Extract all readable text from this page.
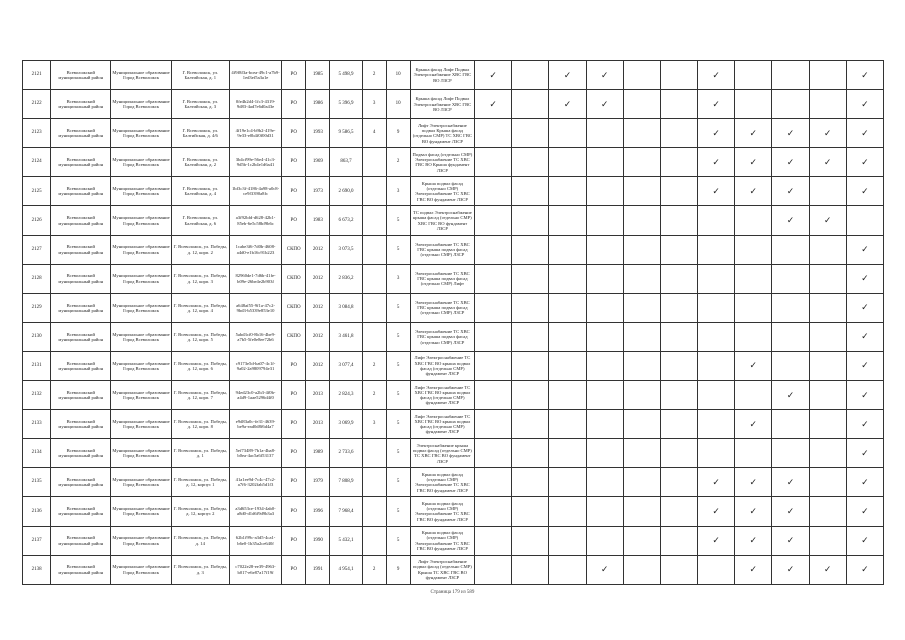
2121	Всеволожский муниципальный район	Муниципальное образование Город Всеволожск	Г. Всеволожск, ул. Балтийская, д. 1	4f9f8f3a-bcea-49c1-a7b9-1ed3ef5a3a1e	РО	1985	5 498,9	2	10	Крыша фасад Лифт Подвал Электроснабжение ХВС ГВС ВО ЛЗСР	✓		✓	✓			✓				✓
2122	Всеволожский муниципальный район	Муниципальное образование Город Всеволожск	Г. Всеволожск, ул. Балтийская, д. 3	0fe4b2d4-1fc3-4319-9d83-4ad7e6d0a43e	РО	1986	5 396,9	3	10	Крыша фасад Лифт Подвал Электроснабжение ХВС ГВС ВО ЛЗСР	✓		✓	✓			✓				✓
2123	Всеволожский муниципальный район	Муниципальное образование Город Всеволожск	Г. Всеволожск, ул. Балтийская, д. 4/6	4f19e1c4-b9b2-419e-9e33-e0b4f0f00d31	РО	1993	9 586,5	4	9	Лифт Электроснабжение подвал Крыша фасад (отдельно СМР) ТС ХВС ГВС ВО фундамент ЛЗСР							✓	✓	✓	✓	✓
2124	Всеволожский муниципальный район	Муниципальное образование Город Всеволожск	Г. Всеволожск, ул. Балтийская, д. 2	3b4cf99e-56e4-41c3-9d5b-1c2b4e1d6a41	РО	1969	863,7		2	Подвал фасад (отдельно СМР) Электроснабжение ТС ХВС ГВС ВО Крыша фундамент ЛЗСР							✓	✓	✓	✓	✓
2125	Всеволожский муниципальный район	Муниципальное образование Город Всеволожск	Г. Всеволожск, ул. Балтийская, д. 4	1bf3c3f-4186-4a98-a0c8-ce9f3390a8fc	РО	1973	2 690,0		3	Крыша подвал фасад (отдельно СМР) Электроснабжение ТС ХВС ГВС ВО фундамент ЛЗСР							✓	✓	✓		✓
2126	Всеволожский муниципальный район	Муниципальное образование Город Всеволожск	Г. Всеволожск, ул. Балтийская, д. 6	a3f92bfd-d628-42b1-85eb-6e5c58bf9b6c	РО	1983	6 673,2		5	ТС подвал Электроснабжение крыша фасад (отдельно СМР) ХВС ГВС ВО фундамент ЛЗСР									✓	✓	
2127	Всеволожский муниципальный район	Муниципальное образование Город Всеволожск	Г. Всеволожск, ул. Победы, д. 12, корп. 2	1cabe3f6-7d0b-4608-a4d0-e1b16c91b223	СКПО	2012	3 073,5		5	Электроснабжение ТС ХВС ГВС крыша подвал фасад (отдельно СМР) ЛЗСР											✓
2128	Всеволожский муниципальный район	Муниципальное образование Город Всеволожск	Г. Всеволожск, ул. Победы, д. 12, корп. 3	82960de1-7d6b-41fe-b09e-26be4e2b903f	СКПО	2012	2 836,2		3	Электроснабжение ТС ХВС ГВС крыша подвал фасад (отдельно СМР) Лифт											✓
2129	Всеволожский муниципальный район	Муниципальное образование Город Всеволожск	Г. Всеволожск, ул. Победы, д. 12, корп. 4	a648af55-9f1a-47c2-9bd3-b5339e853e10	СКПО	2012	3 084,8		5	Электроснабжение ТС ХВС ГВС крыша подвал фасад (отдельно СМР) ЛЗСР											✓
2130	Всеволожский муниципальный район	Муниципальное образование Город Всеволожск	Г. Всеволожск, ул. Победы, д. 12, корп. 5	5abd3cf0-8b16-4be9-a7b5-5fe0e8ee72b6	СКПО	2012	3 461,8		5	Электроснабжение ТС ХВС ГВС крыша подвал фасад (отдельно СМР) ЛЗСР											✓
2131	Всеволожский муниципальный район	Муниципальное образование Город Всеволожск	Г. Всеволожск, ул. Победы, д. 12, корп. 6	c9173e5d-ba07-4c1f-9a02-2a9809794e31	РО	2012	3 077,4	2	5	Лифт Электроснабжение ТС ХВС ГВС ВО крыша подвал фасад (отдельно СМР) фундамент ЛЗСР								✓			✓
2132	Всеволожский муниципальный район	Муниципальное образование Город Всеволожск	Г. Всеволожск, ул. Победы, д. 12, корп. 7	94ed23c0-a2b3-4f0b-a4d9-1aae5296d4f0	РО	2013	2 824,3	2	5	Лифт Электроснабжение ТС ХВС ГВС ВО крыша подвал фасад (отдельно СМР) фундамент ЛЗСР									✓		✓
2133	Всеволожский муниципальный район	Муниципальное образование Город Всеволожск	Г. Всеволожск, ул. Победы, д. 12, корп. 8	e9d83a0c-fe31-4639-be9a-ead0d8f6d4a7	РО	2013	3 069,9	3	5	Лифт Электроснабжение ТС ХВС ГВС ВО крыша подвал фасад (отдельно СМР) фундамент ЛЗСР								✓			✓
2134	Всеволожский муниципальный район	Муниципальное образование Город Всеволожск	Г. Всеволожск, ул. Победы, д. 1	5ef73489-7b1a-4ba8-b0ea-4ac5a6f53137	РО	1989	2 733,6		5	Электроснабжение крыша подвал фасад (отдельно СМР) ТС ХВС ГВС ВО фундамент ЛЗСР											✓
2135	Всеволожский муниципальный район	Муниципальное образование Город Всеволожск	Г. Всеволожск, ул. Победы, д. 12, корпус 1	41a1ee9d-7c4c-47c2-a7f6-3202fab5d1f3	РО	1979	7 808,9		5	Крыша подвал фасад (отдельно СМР) Электроснабжение ТС ХВС ГВС ВО фундамент ЛЗСР							✓	✓	✓		✓
2136	Всеволожский муниципальный район	Муниципальное образование Город Всеволожск	Г. Всеволожск, ул. Победы, д. 12, корпус 2	a3d653ce-1934-4ab0-a8d0-d1d6f9d9b3a3	РО	1996	7 968,4		5	Крыша подвал фасад (отдельно СМР) Электроснабжение ТС ХВС ГВС ВО фундамент ЛЗСР							✓	✓	✓		✓
2137	Всеволожский муниципальный район	Муниципальное образование Город Всеволожск	Г. Всеволожск, ул. Победы, д. 14	62b1f99c-a3d5-4ca1-b6e0-1b35a2ce640f	РО	1990	5 432,1		5	Крыша подвал фасад (отдельно СМР) Электроснабжение ТС ХВС ГВС ВО фундамент ЛЗСР							✓	✓	✓		✓
2138	Всеволожский муниципальный район	Муниципальное образование Город Всеволожск	Г. Всеволожск, ул. Победы, д. 3	c7022e28-ee39-4963-b017-e6e87a17f19f	РО	1991	4 954,1	2	9	Лифт Электроснабжение подвал фасад (отдельно СМР) Крыша ТС ХВС ГВС ВО фундамент ЛЗСР				✓				✓	✓	✓	✓
Страница 179 из 589
